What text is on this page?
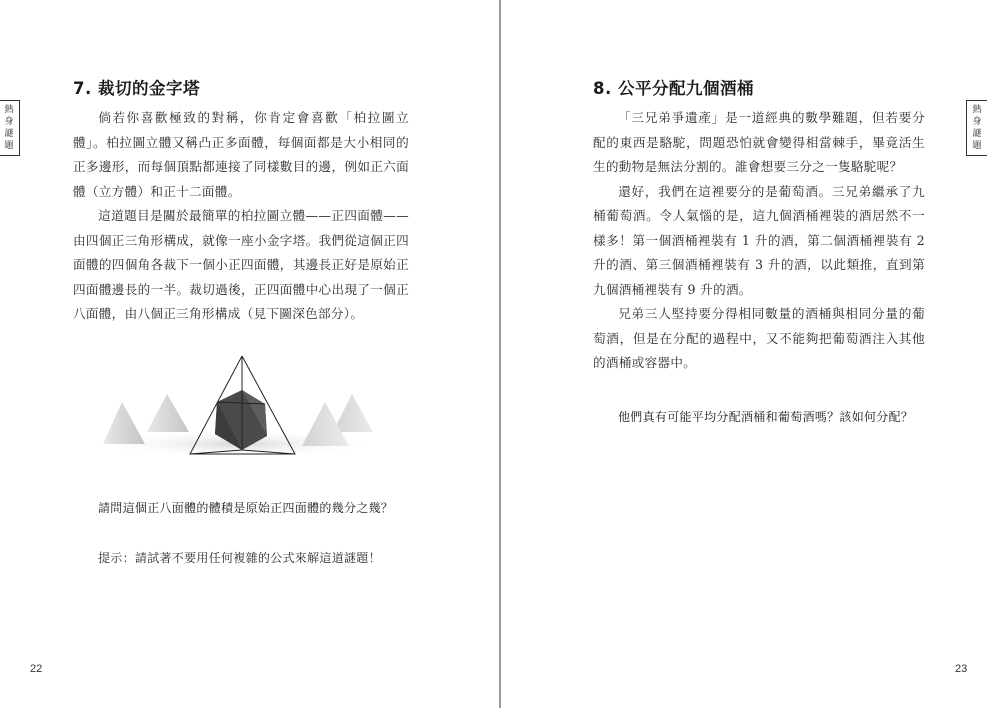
熱
身
謎
題
7. 裁切的金字塔

倘若你喜歡極致的對稱，你肯定會喜歡「柏拉圖立體」。柏拉圖立體又稱凸正多面體，每個面都是大小相同的正多邊形，而每個頂點都連接了同樣數目的邊，例如正六面體（立方體）和正十二面體。

這道題目是關於最簡單的柏拉圖立體——正四面體——由四個正三角形構成，就像一座小金字塔。我們從這個正四面體的四個角各裁下一個小正四面體，其邊長正好是原始正四面體邊長的一半。裁切過後，正四面體中心出現了一個正八面體，由八個正三角形構成（見下圖深色部分）。

請問這個正八面體的體積是原始正四面體的幾分之幾？

提示：請試著不要用任何複雜的公式來解這道謎題！

22
熱
身
謎
題
8. 公平分配九個酒桶

「三兄弟爭遺產」是一道經典的數學難題，但若要分配的東西是駱駝，問題恐怕就會變得相當棘手，畢竟活生生的動物是無法分割的。誰會想要三分之一隻駱駝呢？

還好，我們在這裡要分的是葡萄酒。三兄弟繼承了九桶葡萄酒。令人氣惱的是，這九個酒桶裡裝的酒居然不一樣多！第一個酒桶裡裝有 1 升的酒，第二個酒桶裡裝有 2 升的酒、第三個酒桶裡裝有 3 升的酒，以此類推，直到第九個酒桶裡裝有 9 升的酒。

兄弟三人堅持要分得相同數量的酒桶與相同分量的葡萄酒，但是在分配的過程中，又不能夠把葡萄酒注入其他的酒桶或容器中。

他們真有可能平均分配酒桶和葡萄酒嗎？該如何分配？

23
